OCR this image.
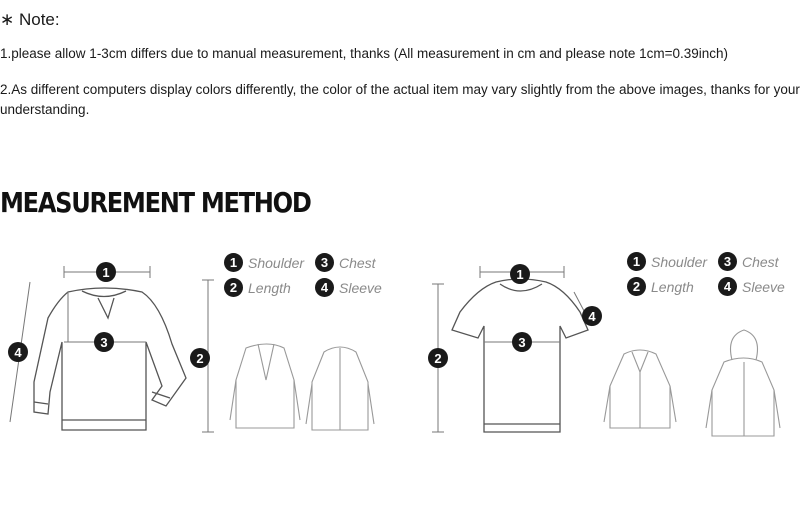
∗ Note:
1.please allow 1-3cm differs due to manual measurement, thanks (All measurement in cm and please note 1cm=0.39inch)
2.As different computers display colors differently, the color of the actual item may vary slightly from the above images, thanks for your understanding.
MEASUREMENT METHOD
1
3
2
4
1
3
2
4
1 Shoulder	3 Chest
2 Length	4 Sleeve
1 Shoulder	3 Chest
2 Length	4 Sleeve
